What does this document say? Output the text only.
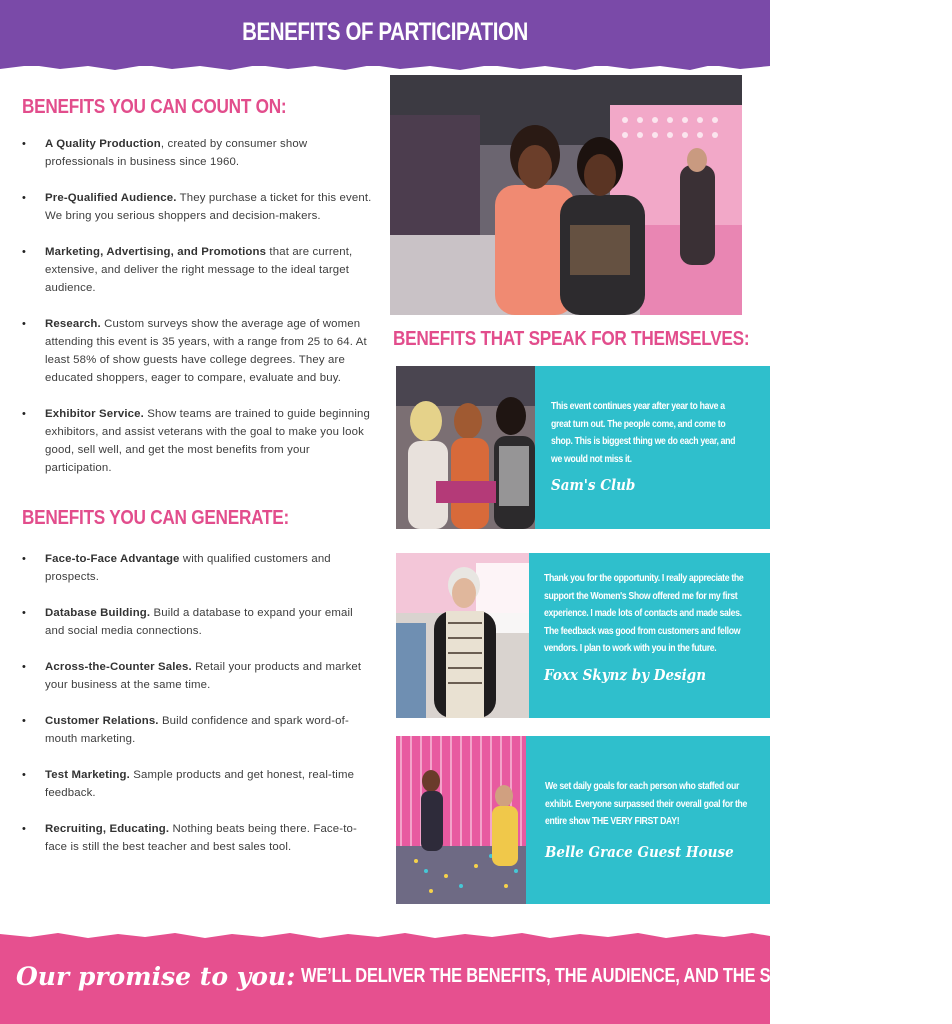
BENEFITS OF PARTICIPATION
BENEFITS YOU CAN COUNT ON:
• A Quality Production, created by consumer show professionals in business since 1960.
• Pre-Qualified Audience. They purchase a ticket for this event. We bring you serious shoppers and decision-makers.
• Marketing, Advertising, and Promotions that are current, extensive, and deliver the right message to the ideal target audience.
• Research. Custom surveys show the average age of women attending this event is 35 years, with a range from 25 to 64. At least 58% of show guests have college degrees. They are educated shoppers, eager to compare, evaluate and buy.
• Exhibitor Service. Show teams are trained to guide beginning exhibitors, and assist veterans with the goal to make you look good, sell well, and get the most benefits from your participation.
BENEFITS YOU CAN GENERATE:
• Face-to-Face Advantage with qualified customers and prospects.
• Database Building. Build a database to expand your email and social media connections.
• Across-the-Counter Sales. Retail your products and market your business at the same time.
• Customer Relations. Build confidence and spark word-of-mouth marketing.
• Test Marketing. Sample products and get honest, real-time feedback.
• Recruiting, Educating. Nothing beats being there. Face-to-face is still the best teacher and best sales tool.
BENEFITS THAT SPEAK FOR THEMSELVES:
This event continues year after year to have a great turn out. The people come, and come to shop. This is biggest thing we do each year, and we would not miss it.
Sam's Club
Thank you for the opportunity. I really appreciate the support the Women's Show offered me for my first experience. I made lots of contacts and made sales. The feedback was good from customers and fellow vendors. I plan to work with you in the future.
Foxx Skynz by Design
We set daily goals for each person who staffed our exhibit. Everyone surpassed their overall goal for the entire show THE VERY FIRST DAY!
Belle Grace Guest House
Our promise to you: WE’LL DELIVER THE BENEFITS, THE AUDIENCE, AND THE SERVICE.
